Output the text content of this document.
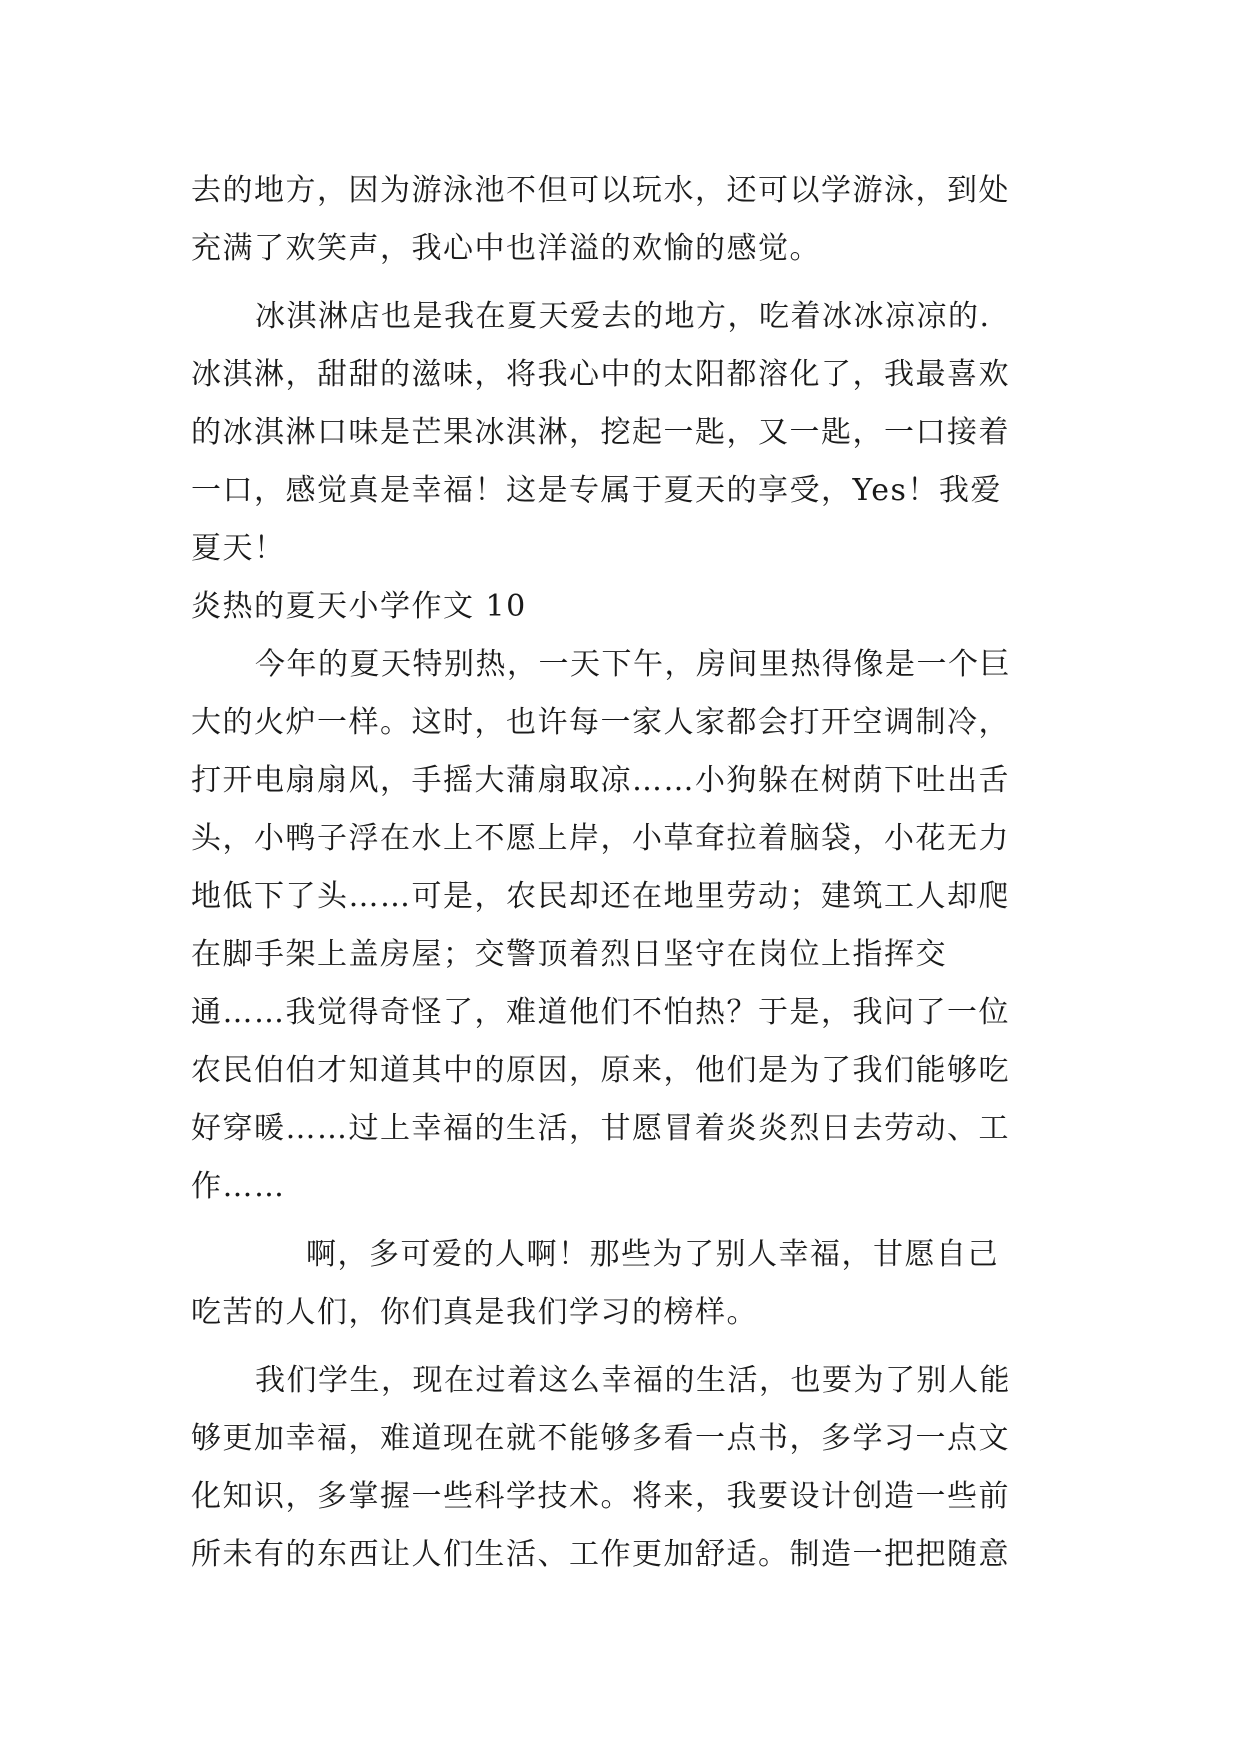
去的地方，因为游泳池不但可以玩水，还可以学游泳，到处
充满了欢笑声，我心中也洋溢的欢愉的感觉。
冰淇淋店也是我在夏天爱去的地方，吃着冰冰凉凉的.
冰淇淋，甜甜的滋味，将我心中的太阳都溶化了，我最喜欢
的冰淇淋口味是芒果冰淇淋，挖起一匙，又一匙，一口接着
一口，感觉真是幸福！这是专属于夏天的享受，Yes！我爱
夏天！
炎热的夏天小学作文 10
今年的夏天特别热，一天下午，房间里热得像是一个巨
大的火炉一样。这时，也许每一家人家都会打开空调制冷，
打开电扇扇风，手摇大蒲扇取凉……小狗躲在树荫下吐出舌
头，小鸭子浮在水上不愿上岸，小草耷拉着脑袋，小花无力
地低下了头……可是，农民却还在地里劳动；建筑工人却爬
在脚手架上盖房屋；交警顶着烈日坚守在岗位上指挥交
通……我觉得奇怪了，难道他们不怕热？于是，我问了一位
农民伯伯才知道其中的原因，原来，他们是为了我们能够吃
好穿暖……过上幸福的生活，甘愿冒着炎炎烈日去劳动、工
作……
啊，多可爱的人啊！那些为了别人幸福，甘愿自己
吃苦的人们，你们真是我们学习的榜样。
我们学生，现在过着这么幸福的生活，也要为了别人能
够更加幸福，难道现在就不能够多看一点书，多学习一点文
化知识，多掌握一些科学技术。将来，我要设计创造一些前
所未有的东西让人们生活、工作更加舒适。制造一把把随意
